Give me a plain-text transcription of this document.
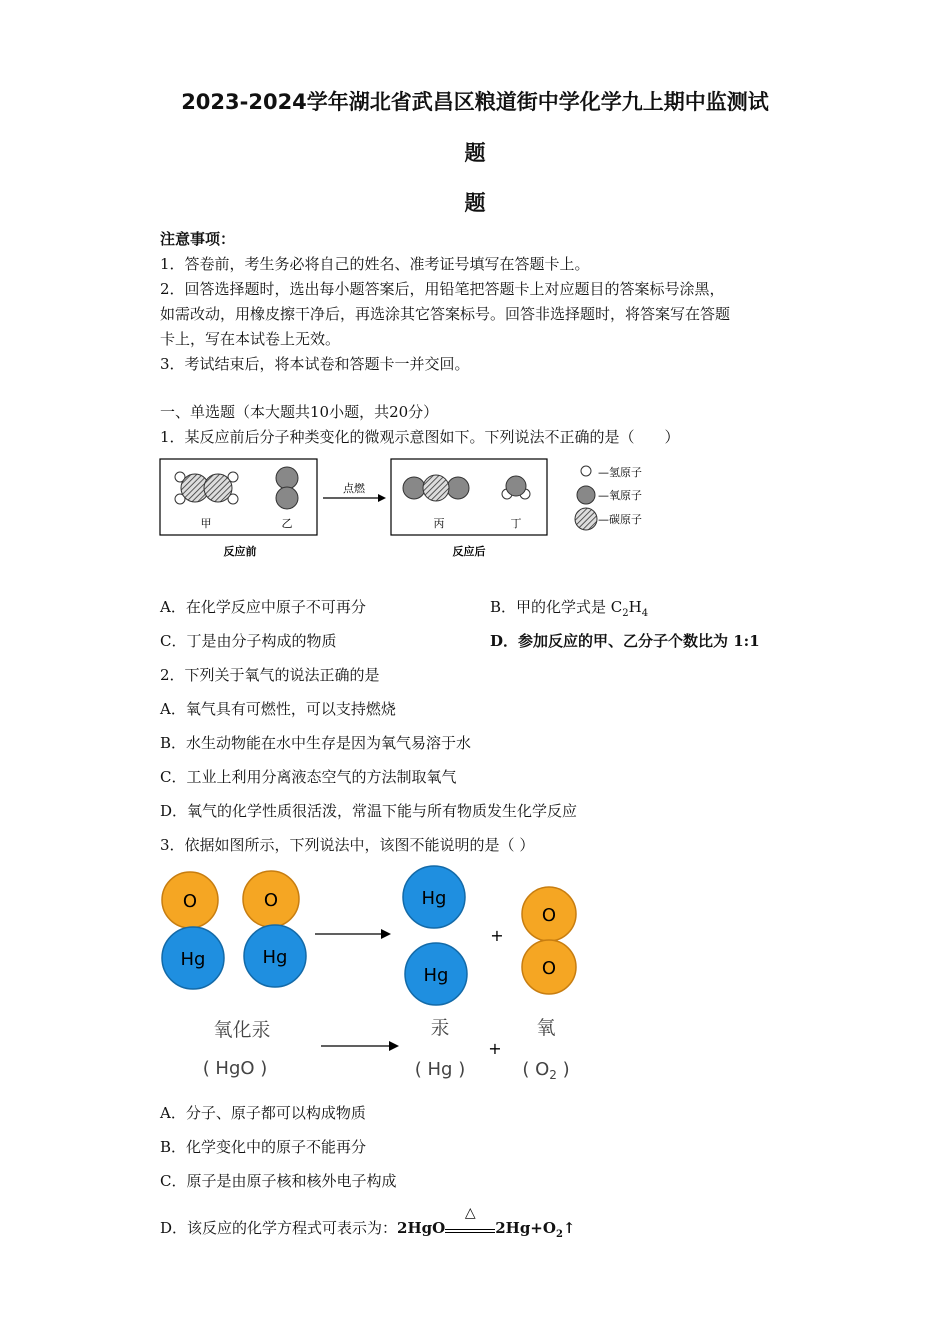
2023-2024学年湖北省武昌区粮道街中学化学九上期中监测试
题
题
注意事项：
1．答卷前，考生务必将自己的姓名、准考证号填写在答题卡上。
2．回答选择题时，选出每小题答案后，用铅笔把答题卡上对应题目的答案标号涂黑，
如需改动，用橡皮擦干净后，再选涂其它答案标号。回答非选择题时，将答案写在答题
卡上，写在本试卷上无效。
3．考试结束后，将本试卷和答题卡一并交回。
一、单选题（本大题共10小题，共20分）
1．某反应前后分子种类变化的微观示意图如下。下列说法不正确的是（　　）
甲	乙
反应前
点燃
丙	丁
反应后
—氢原子
—氧原子
—碳原子
A．在化学反应中原子不可再分	B．甲的化学式是 $C_2H_4$
C．丁是由分子构成的物质	D．参加反应的甲、乙分子个数比为 1:1
2．下列关于氧气的说法正确的是
A．氧气具有可燃性，可以支持燃烧
B．水生动物能在水中生存是因为氧气易溶于水
C．工业上利用分离液态空气的方法制取氧气
D．氧气的化学性质很活泼，常温下能与所有物质发生化学反应
3．依据如图所示，下列说法中，该图不能说明的是（ ）
O
Hg
O
Hg
Hg
Hg
+
O
O
氧化汞
( HgO )
汞
( Hg )
+
氧
( $O_2$ )
A．分子、原子都可以构成物质
B．化学变化中的原子不能再分
C．原子是由原子核和核外电子构成
D．该反应的化学方程式可表示为：2HgO
△
$2Hg+O_2↑$
